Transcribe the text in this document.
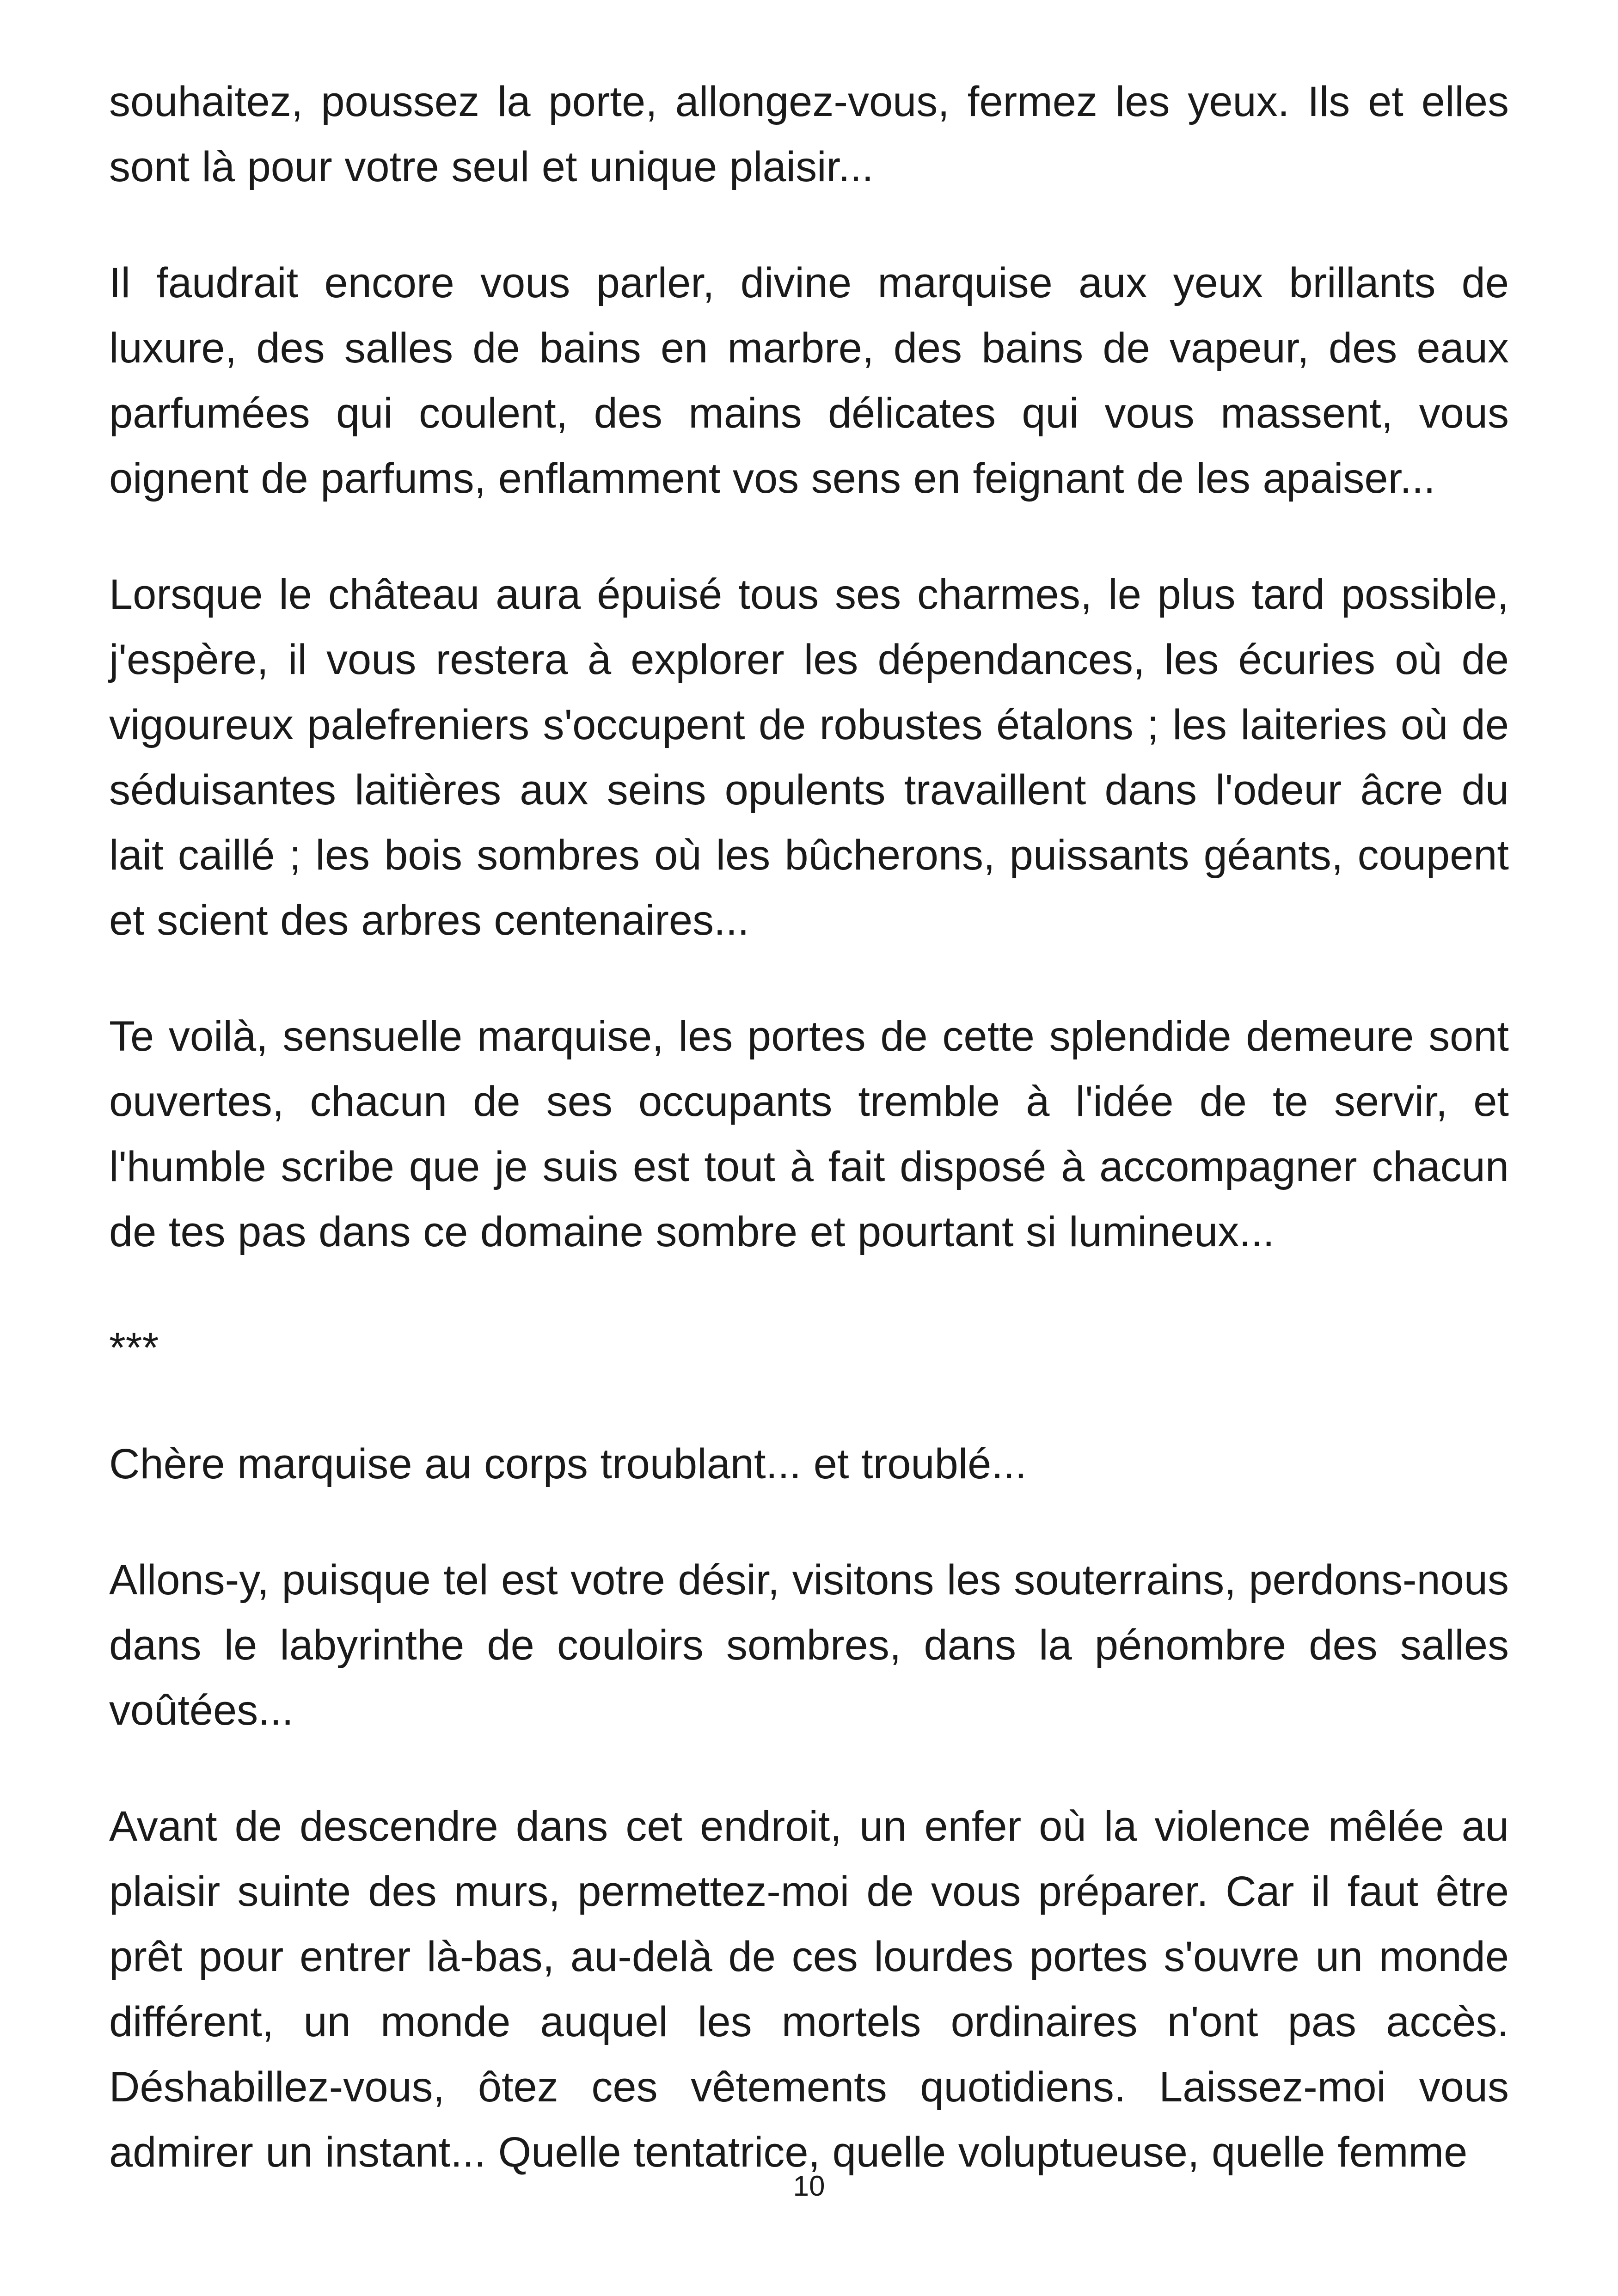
souhaitez, poussez la porte, allongez-vous, fermez les yeux. Ils et elles sont là pour votre seul et unique plaisir...

Il faudrait encore vous parler, divine marquise aux yeux brillants de luxure, des salles de bains en marbre, des bains de vapeur, des eaux parfumées qui coulent, des mains délicates qui vous massent, vous oignent de parfums, enflamment vos sens en feignant de les apaiser...

Lorsque le château aura épuisé tous ses charmes, le plus tard possible, j'espère, il vous restera à explorer les dépendances, les écuries où de vigoureux palefreniers s'occupent de robustes étalons ; les laiteries où de séduisantes laitières aux seins opulents travaillent dans l'odeur âcre du lait caillé ; les bois sombres où les bûcherons, puissants géants, coupent et scient des arbres centenaires...

Te voilà, sensuelle marquise, les portes de cette splendide demeure sont ouvertes, chacun de ses occupants tremble à l'idée de te servir, et l'humble scribe que je suis est tout à fait disposé à accompagner chacun de tes pas dans ce domaine sombre et pourtant si lumineux...

***

Chère marquise au corps troublant... et troublé...

Allons-y, puisque tel est votre désir, visitons les souterrains, perdons-nous dans le labyrinthe de couloirs sombres, dans la pénombre des salles voûtées...

Avant de descendre dans cet endroit, un enfer où la violence mêlée au plaisir suinte des murs, permettez-moi de vous préparer. Car il faut être prêt pour entrer là-bas, au-delà de ces lourdes portes s'ouvre un monde différent, un monde auquel les mortels ordinaires n'ont pas accès. Déshabillez-vous, ôtez ces vêtements quotidiens. Laissez-moi vous admirer un instant... Quelle tentatrice, quelle voluptueuse, quelle femme

10
